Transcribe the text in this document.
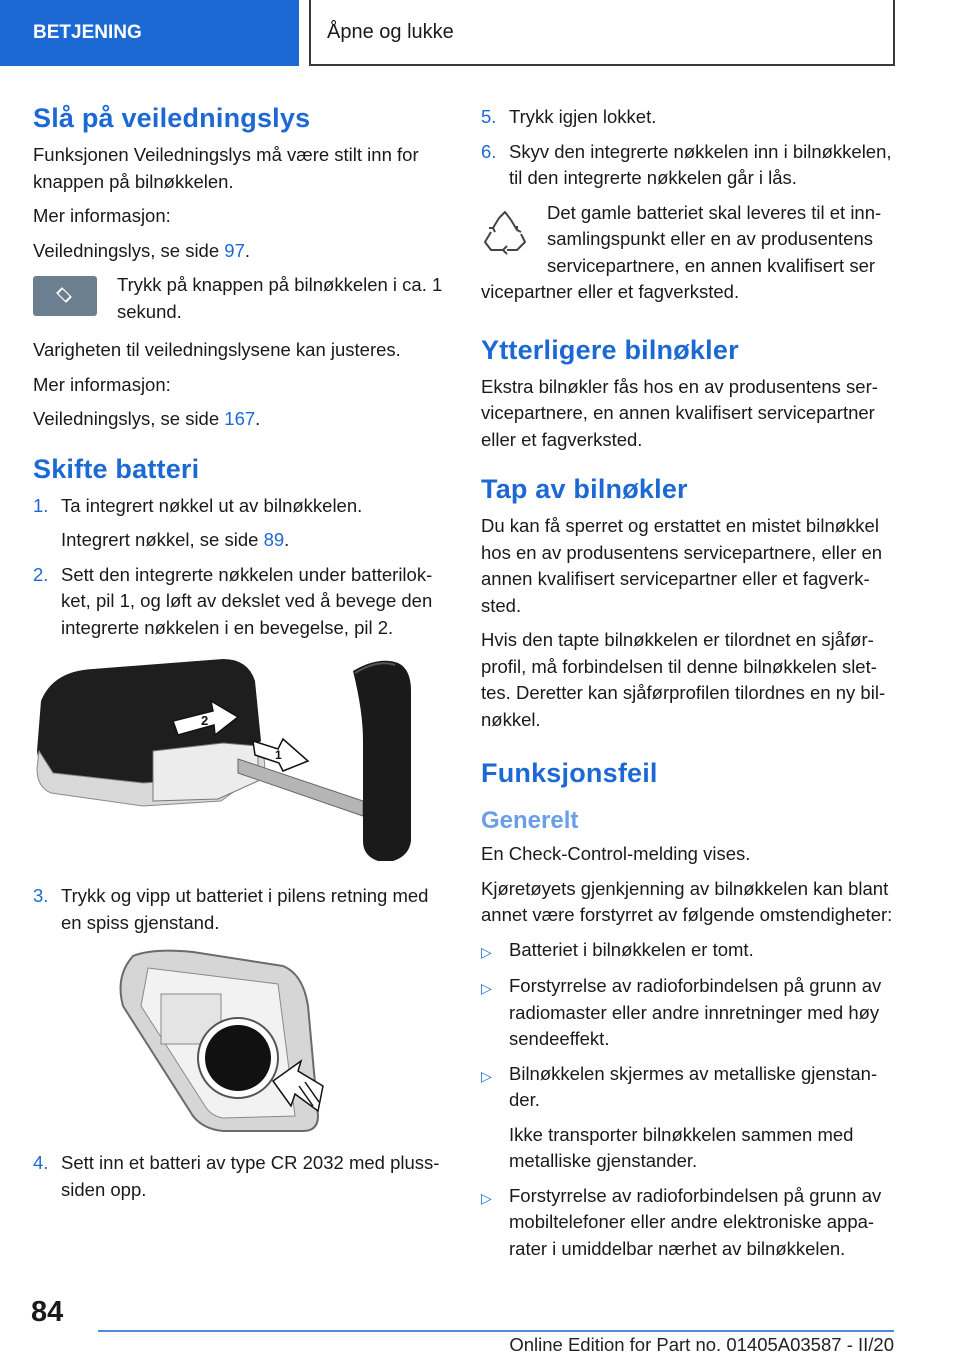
BETJENING	Åpne og lukke
Slå på veiledningslys

Funksjonen Veiledningslys må være stilt inn for knappen på bilnøkkelen.

Mer informasjon:

Veiledningslys, se side 97.

Trykk på knappen på bilnøkkelen i ca. 1 sekund.

Varigheten til veiledningslysene kan justeres.

Mer informasjon:

Veiledningslys, se side 167.

Skifte batteri
1. Ta integrert nøkkel ut av bilnøkkelen.

Integrert nøkkel, se side 89.

2. Sett den integrerte nøkkelen under batterilokket, pil 1, og løft av dekslet ved å bevege den integrerte nøkkelen i en bevegelse, pil 2.
2
1
3. Trykk og vipp ut batteriet i pilens retning med en spiss gjenstand.
4. Sett inn et batteri av type CR 2032 med pluss-siden opp.
5. Trykk igjen lokket.
6. Skyv den integrerte nøkkelen inn i bilnøkkelen, til den integrerte nøkkelen går i lås.
Det gamle batteriet skal leveres til et innsamlingspunkt eller en av produsentens servicepartnere, en annen kvalifisert ser
vicepartner eller et fagverksted.
Ytterligere bilnøkler

Ekstra bilnøkler fås hos en av produsentens servicepartnere, en annen kvalifisert servicepartner eller et fagverksted.

Tap av bilnøkler

Du kan få sperret og erstattet en mistet bilnøkkel hos en av produsentens servicepartnere, eller en annen kvalifisert servicepartner eller et fagverksted.

Hvis den tapte bilnøkkelen er tilordnet en sjåførprofil, må forbindelsen til denne bilnøkkelen slettes. Deretter kan sjåførprofilen tilordnes en ny bilnøkkel.

Funksjonsfeil
Generelt

En Check-Control-melding vises.

Kjøretøyets gjenkjenning av bilnøkkelen kan blant annet være forstyrret av følgende omstendigheter:

▷ Batteriet i bilnøkkelen er tomt.
▷ Forstyrrelse av radioforbindelsen på grunn av radiomaster eller andre innretninger med høy sendeeffekt.
▷ Bilnøkkelen skjermes av metalliske gjenstander.

Ikke transporter bilnøkkelen sammen med metalliske gjenstander.

▷ Forstyrrelse av radioforbindelsen på grunn av mobiltelefoner eller andre elektroniske apparater i umiddelbar nærhet av bilnøkkelen.
84
Online Edition for Part no. 01405A03587 - II/20
